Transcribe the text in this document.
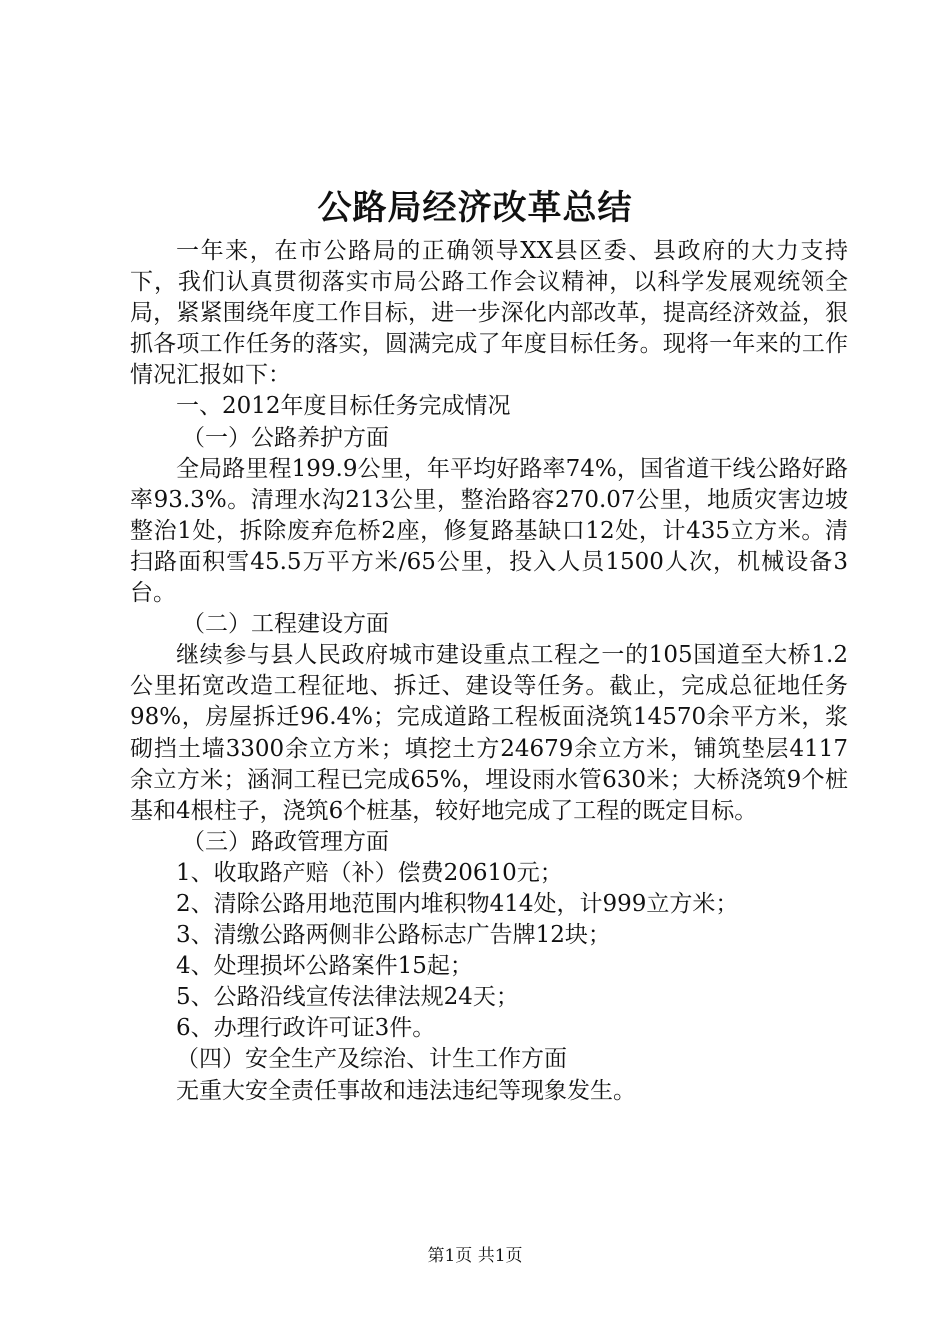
公路局经济改革总结

一年来，在市公路局的正确领导XX县区委、县政府的大力支持下，我们认真贯彻落实市局公路工作会议精神，以科学发展观统领全局，紧紧围绕年度工作目标，进一步深化内部改革，提高经济效益，狠抓各项工作任务的落实，圆满完成了年度目标任务。现将一年来的工作情况汇报如下：

一、2012年度目标任务完成情况

（一）公路养护方面

全局路里程199.9公里，年平均好路率74%，国省道干线公路好路率93.3%。清理水沟213公里，整治路容270.07公里，地质灾害边坡整治1处，拆除废弃危桥2座，修复路基缺口12处，计435立方米。清扫路面积雪45.5万平方米/65公里，投入人员1500人次，机械设备3台。

（二）工程建设方面

继续参与县人民政府城市建设重点工程之一的105国道至大桥1.2公里拓宽改造工程征地、拆迁、建设等任务。截止，完成总征地任务98%，房屋拆迁96.4%；完成道路工程板面浇筑14570余平方米，浆砌挡土墙3300余立方米；填挖土方24679余立方米，铺筑垫层4117余立方米；涵洞工程已完成65%，埋设雨水管630米；大桥浇筑9个桩基和4根柱子，浇筑6个桩基，较好地完成了工程的既定目标。

（三）路政管理方面

1、收取路产赔（补）偿费20610元；

2、清除公路用地范围内堆积物414处，计999立方米；

3、清缴公路两侧非公路标志广告牌12块；

4、处理损坏公路案件15起；

5、公路沿线宣传法律法规24天；

6、办理行政许可证3件。

（四）安全生产及综治、计生工作方面

无重大安全责任事故和违法违纪等现象发生。

第1页 共1页
